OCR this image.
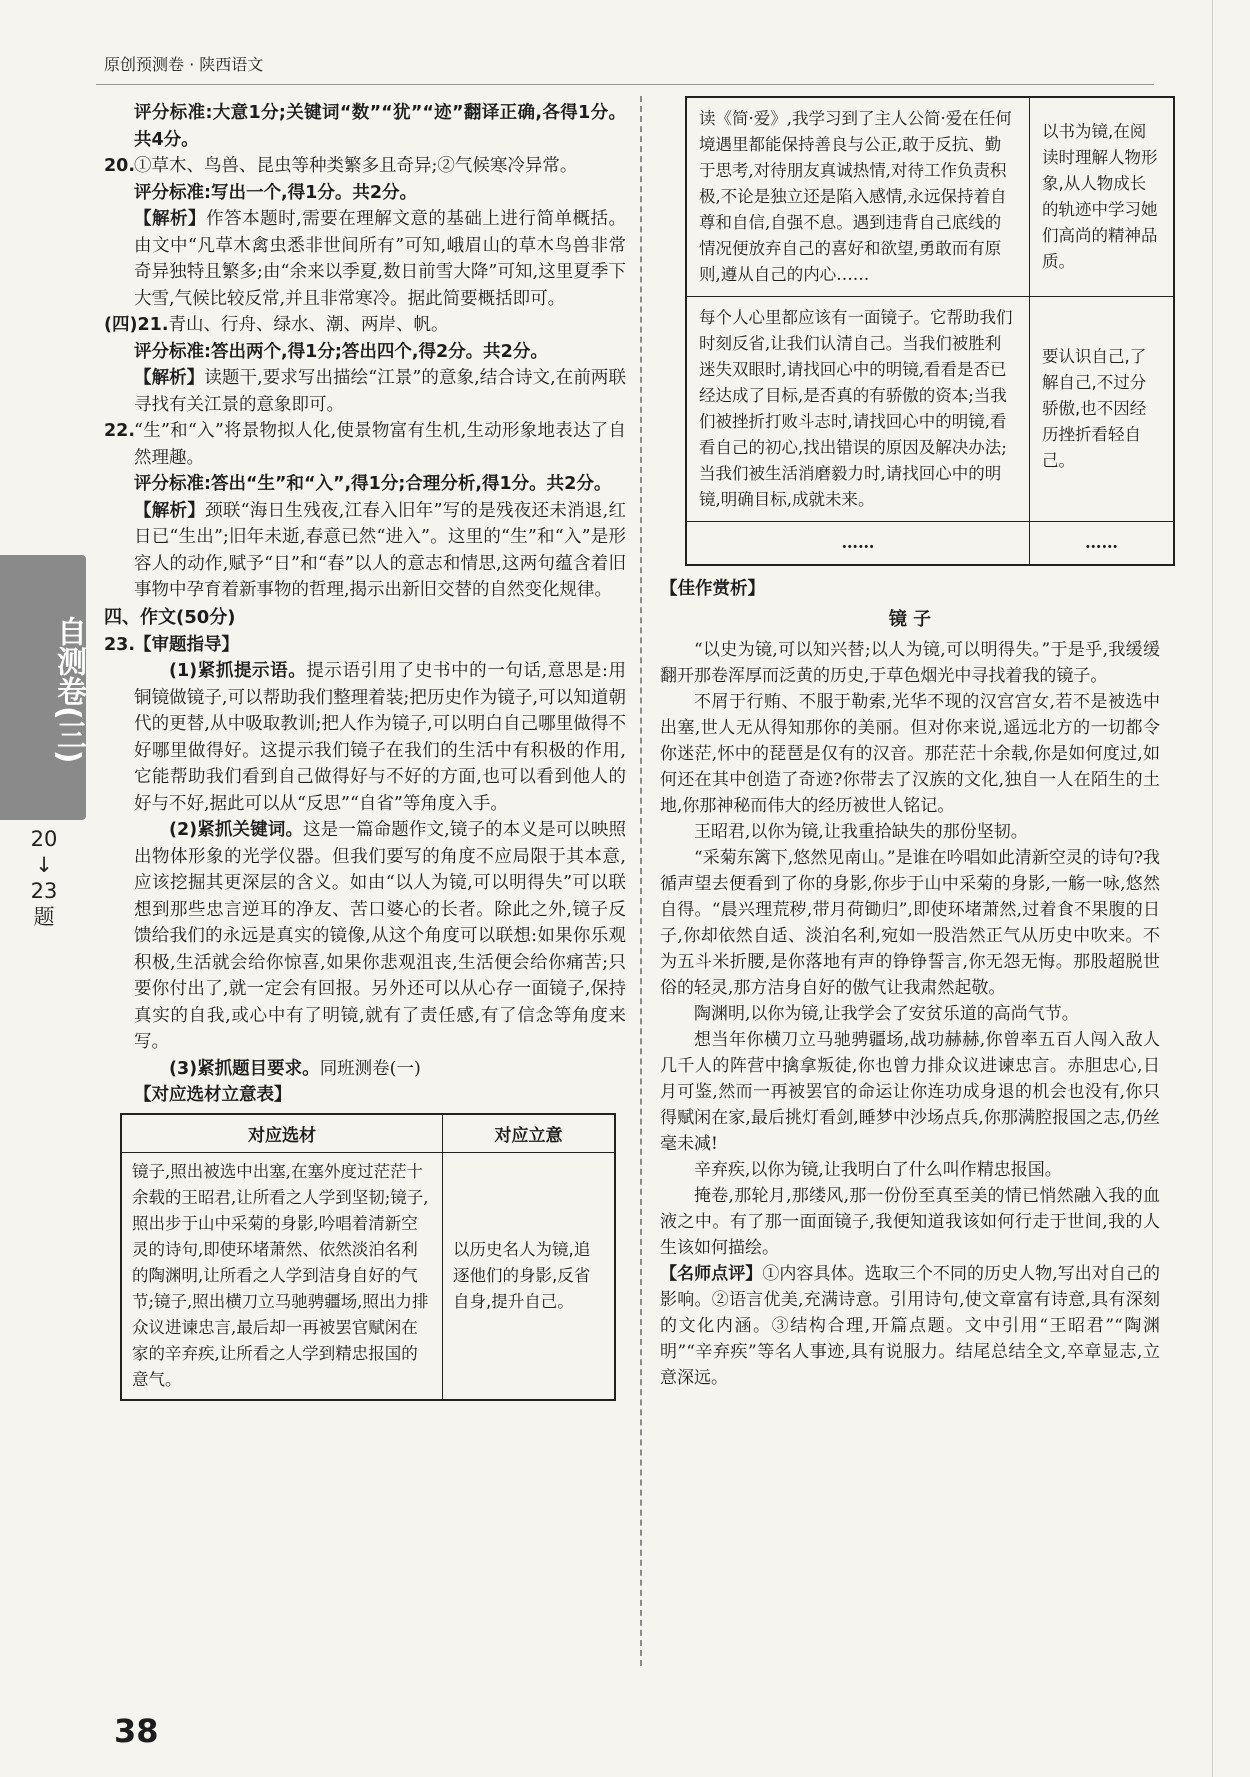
原创预测卷 · 陕西语文
自测卷(三)
20
↓
23
题
38

评分标准:大意1分;关键词“数”“犹”“迹”翻译正确,各得1分。共4分。

20.①草木、鸟兽、昆虫等种类繁多且奇异;②气候寒冷异常。

评分标准:写出一个,得1分。共2分。

【解析】作答本题时,需要在理解文意的基础上进行简单概括。由文中“凡草木禽虫悉非世间所有”可知,峨眉山的草木鸟兽非常奇异独特且繁多;由“余来以季夏,数日前雪大降”可知,这里夏季下大雪,气候比较反常,并且非常寒冷。据此简要概括即可。

(四)21.青山、行舟、绿水、潮、两岸、帆。

评分标准:答出两个,得1分;答出四个,得2分。共2分。

【解析】读题干,要求写出描绘“江景”的意象,结合诗文,在前两联寻找有关江景的意象即可。

22.“生”和“入”将景物拟人化,使景物富有生机,生动形象地表达了自然理趣。

评分标准:答出“生”和“入”,得1分;合理分析,得1分。共2分。

【解析】颈联“海日生残夜,江春入旧年”写的是残夜还未消退,红日已“生出”;旧年未逝,春意已然“进入”。这里的“生”和“入”是形容人的动作,赋予“日”和“春”以人的意志和情思,这两句蕴含着旧事物中孕育着新事物的哲理,揭示出新旧交替的自然变化规律。

四、作文(50分)

23.【审题指导】

(1)紧抓提示语。提示语引用了史书中的一句话,意思是:用铜镜做镜子,可以帮助我们整理着装;把历史作为镜子,可以知道朝代的更替,从中吸取教训;把人作为镜子,可以明白自己哪里做得不好哪里做得好。这提示我们镜子在我们的生活中有积极的作用,它能帮助我们看到自己做得好与不好的方面,也可以看到他人的好与不好,据此可以从“反思”“自省”等角度入手。

(2)紧抓关键词。这是一篇命题作文,镜子的本义是可以映照出物体形象的光学仪器。但我们要写的角度不应局限于其本意,应该挖掘其更深层的含义。如由“以人为镜,可以明得失”可以联想到那些忠言逆耳的净友、苦口婆心的长者。除此之外,镜子反馈给我们的永远是真实的镜像,从这个角度可以联想:如果你乐观积极,生活就会给你惊喜,如果你悲观沮丧,生活便会给你痛苦;只要你付出了,就一定会有回报。另外还可以从心存一面镜子,保持真实的自我,或心中有了明镜,就有了责任感,有了信念等角度来写。

(3)紧抓题目要求。同班测卷(一)

【对应选材立意表】

对应选材	对应立意
镜子,照出被选中出塞,在塞外度过茫茫十余载的王昭君,让所看之人学到坚韧;镜子,照出步于山中采菊的身影,吟唱着清新空灵的诗句,即使环堵萧然、依然淡泊名利的陶渊明,让所看之人学到洁身自好的气节;镜子,照出横刀立马驰骋疆场,照出力排众议进谏忠言,最后却一再被罢官赋闲在家的辛弃疾,让所看之人学到精忠报国的意气。	以历史名人为镜,追逐他们的身影,反省自身,提升自己。
读《简·爱》,我学习到了主人公简·爱在任何境遇里都能保持善良与公正,敢于反抗、勤于思考,对待朋友真诚热情,对待工作负责积极,不论是独立还是陷入感情,永远保持着自尊和自信,自强不息。遇到违背自己底线的情况便放弃自己的喜好和欲望,勇敢而有原则,遵从自己的内心……	以书为镜,在阅读时理解人物形象,从人物成长的轨迹中学习她们高尚的精神品质。
每个人心里都应该有一面镜子。它帮助我们时刻反省,让我们认清自己。当我们被胜利迷失双眼时,请找回心中的明镜,看看是否已经达成了目标,是否真的有骄傲的资本;当我们被挫折打败斗志时,请找回心中的明镜,看看自己的初心,找出错误的原因及解决办法;当我们被生活消磨毅力时,请找回心中的明镜,明确目标,成就未来。	要认识自己,了解自己,不过分骄傲,也不因经历挫折看轻自己。
……	……

【佳作赏析】

镜 子

“以史为镜,可以知兴替;以人为镜,可以明得失。”于是乎,我缓缓翻开那卷浑厚而泛黄的历史,于草色烟光中寻找着我的镜子。

不屑于行贿、不服于勒索,光华不现的汉宫宫女,若不是被选中出塞,世人无从得知那你的美丽。但对你来说,遥远北方的一切都令你迷茫,怀中的琵琶是仅有的汉音。那茫茫十余载,你是如何度过,如何还在其中创造了奇迹?你带去了汉族的文化,独自一人在陌生的土地,你那神秘而伟大的经历被世人铭记。

王昭君,以你为镜,让我重拾缺失的那份坚韧。

“采菊东篱下,悠然见南山。”是谁在吟唱如此清新空灵的诗句?我循声望去便看到了你的身影,你步于山中采菊的身影,一觞一咏,悠然自得。“晨兴理荒秽,带月荷锄归”,即使环堵萧然,过着食不果腹的日子,你却依然自适、淡泊名利,宛如一股浩然正气从历史中吹来。不为五斗米折腰,是你落地有声的铮铮誓言,你无怨无悔。那股超脱世俗的轻灵,那方洁身自好的傲气让我肃然起敬。

陶渊明,以你为镜,让我学会了安贫乐道的高尚气节。

想当年你横刀立马驰骋疆场,战功赫赫,你曾率五百人闯入敌人几千人的阵营中擒拿叛徒,你也曾力排众议进谏忠言。赤胆忠心,日月可鉴,然而一再被罢官的命运让你连功成身退的机会也没有,你只得赋闲在家,最后挑灯看剑,睡梦中沙场点兵,你那满腔报国之志,仍丝毫未减!

辛弃疾,以你为镜,让我明白了什么叫作精忠报国。

掩卷,那轮月,那缕风,那一份份至真至美的情已悄然融入我的血液之中。有了那一面面镜子,我便知道我该如何行走于世间,我的人生该如何描绘。

【名师点评】①内容具体。选取三个不同的历史人物,写出对自己的影响。②语言优美,充满诗意。引用诗句,使文章富有诗意,具有深刻的文化内涵。③结构合理,开篇点题。文中引用“王昭君”“陶渊明”“辛弃疾”等名人事迹,具有说服力。结尾总结全文,卒章显志,立意深远。
